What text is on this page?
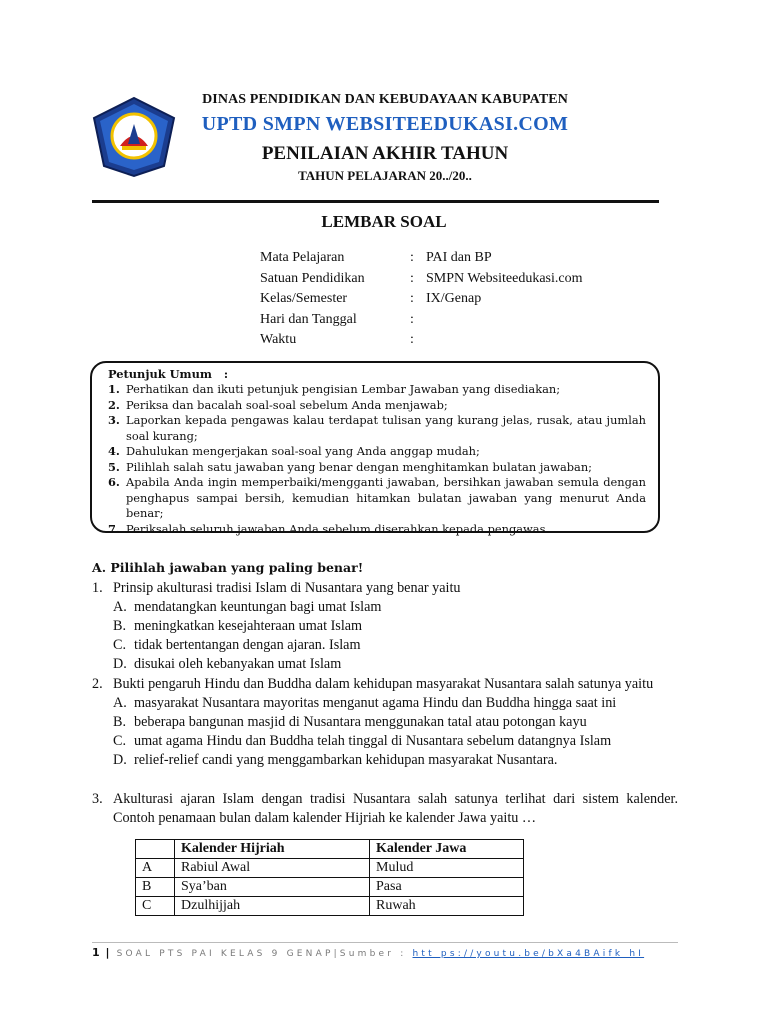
DINAS PENDIDIKAN DAN KEBUDAYAAN KABUPATEN
UPTD SMPN WEBSITEEDUKASI.COM
PENILAIAN AKHIR TAHUN
TAHUN PELAJARAN 20../20..
LEMBAR SOAL
Mata Pelajaran	: PAI dan BP
Satuan Pendidikan	: SMPN Websiteedukasi.com
Kelas/Semester	: IX/Genap
Hari dan Tanggal	:
Waktu	:
Petunjuk Umum :
1. Perhatikan dan ikuti petunjuk pengisian Lembar Jawaban yang disediakan;
2. Periksa dan bacalah soal-soal sebelum Anda menjawab;
3. Laporkan kepada pengawas kalau terdapat tulisan yang kurang jelas, rusak, atau jumlah soal kurang;
4. Dahulukan mengerjakan soal-soal yang Anda anggap mudah;
5. Pilihlah salah satu jawaban yang benar dengan menghitamkan bulatan jawaban;
6. Apabila Anda ingin memperbaiki/mengganti jawaban, bersihkan jawaban semula dengan penghapus sampai bersih, kemudian hitamkan bulatan jawaban yang menurut Anda benar;
7. Periksalah seluruh jawaban Anda sebelum diserahkan kepada pengawas.
A. Pilihlah jawaban yang paling benar!
1. Prinsip akulturasi tradisi Islam di Nusantara yang benar yaitu
A. mendatangkan keuntungan bagi umat Islam
B. meningkatkan kesejahteraan umat Islam
C. tidak bertentangan dengan ajaran. Islam
D. disukai oleh kebanyakan umat Islam
2. Bukti pengaruh Hindu dan Buddha dalam kehidupan masyarakat Nusantara salah satunya yaitu
A. masyarakat Nusantara mayoritas menganut agama Hindu dan Buddha hingga saat ini
B. beberapa bangunan masjid di Nusantara menggunakan tatal atau potongan kayu
C. umat agama Hindu dan Buddha telah tinggal di Nusantara sebelum datangnya Islam
D. relief-relief candi yang menggambarkan kehidupan masyarakat Nusantara.
3. Akulturasi ajaran Islam dengan tradisi Nusantara salah satunya terlihat dari sistem kalender. Contoh penamaan bulan dalam kalender Hijriah ke kalender Jawa yaitu …
	Kalender Hijriah	Kalender Jawa
A	Rabiul Awal	Mulud
B	Sya’ban	Pasa
C	Dzulhijjah	Ruwah
1 | SOAL PTS PAI KELAS 9 GENAP|Sumber : htt ps://youtu.be/bXa4BAifk hI
